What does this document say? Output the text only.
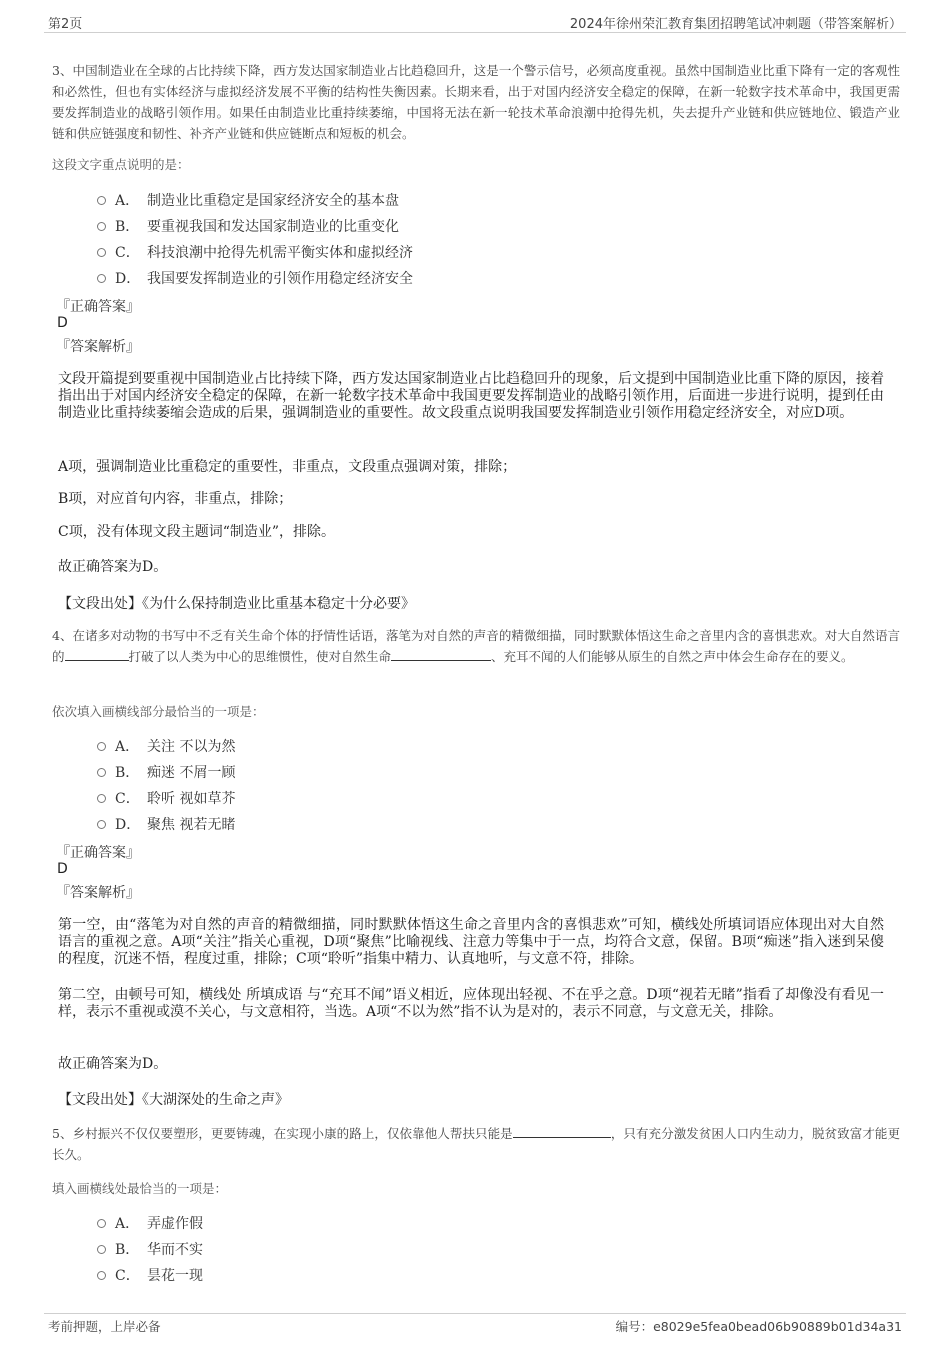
第2页	2024年徐州荣汇教育集团招聘笔试冲刺题（带答案解析）

3、中国制造业在全球的占比持续下降，西方发达国家制造业占比趋稳回升，这是一个警示信号，必须高度重视。虽然中国制造业比重下降有一定的客观性和必然性，但也有实体经济与虚拟经济发展不平衡的结构性失衡因素。长期来看，出于对国内经济安全稳定的保障，在新一轮数字技术革命中，我国更需要发挥制造业的战略引领作用。如果任由制造业比重持续萎缩，中国将无法在新一轮技术革命浪潮中抢得先机，失去提升产业链和供应链地位、锻造产业链和供应链强度和韧性、补齐产业链和供应链断点和短板的机会。

这段文字重点说明的是：

A． 制造业比重稳定是国家经济安全的基本盘
B． 要重视我国和发达国家制造业的比重变化
C． 科技浪潮中抢得先机需平衡实体和虚拟经济
D． 我国要发挥制造业的引领作用稳定经济安全
『正确答案』
D
『答案解析』

文段开篇提到要重视中国制造业占比持续下降，西方发达国家制造业占比趋稳回升的现象，后文提到中国制造业比重下降的原因，接着指出出于对国内经济安全稳定的保障，在新一轮数字技术革命中我国更要发挥制造业的战略引领作用，后面进一步进行说明，提到任由制造业比重持续萎缩会造成的后果，强调制造业的重要性。故文段重点说明我国要发挥制造业引领作用稳定经济安全，对应D项。

A项，强调制造业比重稳定的重要性，非重点，文段重点强调对策，排除；

B项，对应首句内容，非重点，排除；

C项，没有体现文段主题词“制造业”，排除。

故正确答案为D。

【文段出处】《为什么保持制造业比重基本稳定十分必要》

4、在诸多对动物的书写中不乏有关生命个体的抒情性话语，落笔为对自然的声音的精微细描，同时默默体悟这生命之音里内含的喜惧悲欢。对大自然语言的	打破了以人类为中心的思维惯性，使对自然生命	、充耳不闻的人们能够从原生的自然之声中体会生命存在的要义。

依次填入画横线部分最恰当的一项是：

A． 关注 不以为然
B． 痴迷 不屑一顾
C． 聆听 视如草芥
D． 聚焦 视若无睹
『正确答案』
D
『答案解析』

第一空，由“落笔为对自然的声音的精微细描，同时默默体悟这生命之音里内含的喜惧悲欢”可知，横线处所填词语应体现出对大自然语言的重视之意。A项“关注”指关心重视，D项“聚焦”比喻视线、注意力等集中于一点，均符合文意，保留。B项“痴迷”指入迷到呆傻的程度，沉迷不悟，程度过重，排除；C项“聆听”指集中精力、认真地听，与文意不符，排除。

第二空，由顿号可知，横线处 所填成语 与“充耳不闻”语义相近，应体现出轻视、不在乎之意。D项“视若无睹”指看了却像没有看见一样，表示不重视或漠不关心，与文意相符，当选。A项“不以为然”指不认为是对的，表示不同意，与文意无关，排除。

故正确答案为D。

【文段出处】《大湖深处的生命之声》

5、乡村振兴不仅仅要塑形，更要铸魂，在实现小康的路上，仅依靠他人帮扶只能是	，只有充分激发贫困人口内生动力，脱贫致富才能更长久。

填入画横线处最恰当的一项是：

A． 弄虚作假
B． 华而不实
C． 昙花一现
考前押题，上岸必备	编号：e8029e5fea0bead06b90889b01d34a31
